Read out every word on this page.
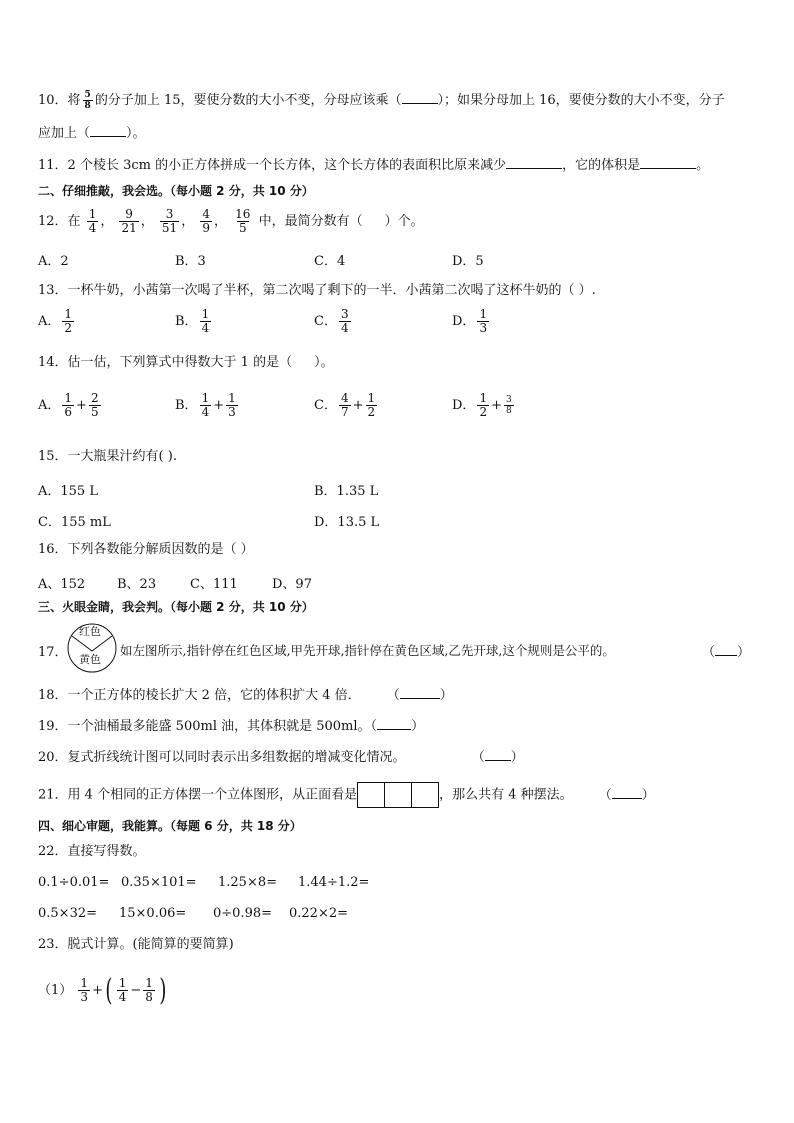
10．将 $\frac{5}{8}$ 的分子加上 15，要使分数的大小不变，分母应该乘（	）；如果分母加上 16，要使分数的大小不变，分子
应加上（	）。
11．2 个棱长 3cm 的小正方体拼成一个长方体，这个长方体的表面积比原来减少	，它的体积是	。
二、仔细推敲，我会选。（每小题 2 分，共 10 分）
12．在 $\frac{1}{4}$ ， $\frac{9}{21}$ ， $\frac{3}{51}$ ， $\frac{4}{9}$ ， $\frac{16}{5}$ 中，最简分数有（ ）个。
A．2	B．3	C．4	D．5
13．一杯牛奶，小茜第一次喝了半杯，第二次喝了剩下的一半．小茜第二次喝了这杯牛奶的（ ）.
A． $\frac{1}{2}$	B． $\frac{1}{4}$	C． $\frac{3}{4}$	D． $\frac{1}{3}$
14．估一估，下列算式中得数大于 1 的是（ ）。
A． $\frac{1}{6} + \frac{2}{5}$	B． $\frac{1}{4} + \frac{1}{3}$	C． $\frac{4}{7} + \frac{1}{2}$	D． $\frac{1}{2} + \frac{3}{8}$
15．一大瓶果汁约有( ).
A．155 L	B．1.35 L
C．155 mL	D．13.5 L
16．下列各数能分解质因数的是（ ）
A、152 B、23	C、111	D、97
三、火眼金睛，我会判。（每小题 2 分，共 10 分）
17．
红色
黄色
如左图所示,指针停在红色区域,甲先开球,指针停在黄色区域,乙先开球,这个规则是公平的。	（ ）
18．一个正方体的棱长扩大 2 倍，它的体积扩大 4 倍． （	）
19．一个油桶最多能盛 500ml 油，其体积就是 500ml。（	）
20．复式折线统计图可以同时表示出多组数据的增减变化情况。	（ ）
21．用 4 个相同的正方体摆一个立体图形，从正面看是	，那么共有 4 种摆法。 （ ）
四、细心审题，我能算。（每题 6 分，共 18 分）
22．直接写得数。
0.1÷0.01= 0.35×101= 1.25×8= 1.44÷1.2=
0.5×32= 15×0.06= 0÷0.98= 0.22×2=
23．脱式计算。(能简算的要简算)
$(1) \frac{1}{3}$ +( $\frac{1}{4} - \frac{1}{8}$ )
